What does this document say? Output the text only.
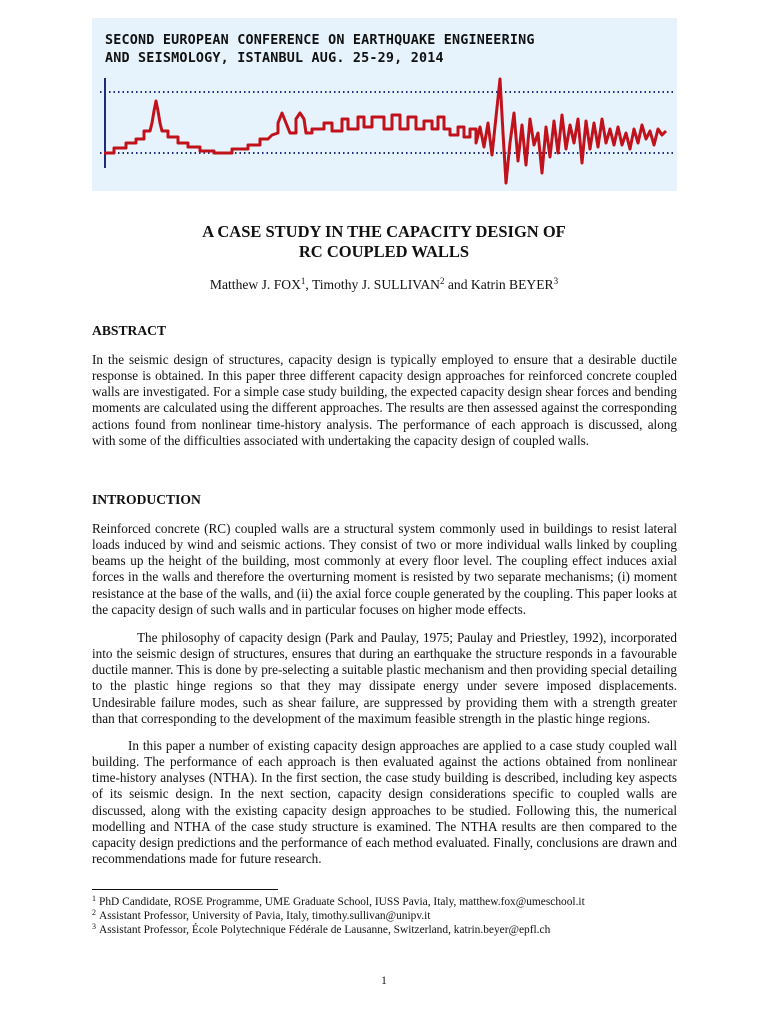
SECOND EUROPEAN CONFERENCE ON EARTHQUAKE ENGINEERING

AND SEISMOLOGY, ISTANBUL AUG. 25-29, 2014

A CASE STUDY IN THE CAPACITY DESIGN OF

RC COUPLED WALLS

Matthew J. FOX$^1$, Timothy J. SULLIVAN$^2$ and Katrin BEYER$^3$

ABSTRACT

In the seismic design of structures, capacity design is typically employed to ensure that a desirable ductile response is obtained. In this paper three different capacity design approaches for reinforced concrete coupled walls are investigated. For a simple case study building, the expected capacity design shear forces and bending moments are calculated using the different approaches. The results are then assessed against the corresponding actions found from nonlinear time-history analysis. The performance of each approach is discussed, along with some of the difficulties associated with undertaking the capacity design of coupled walls.

INTRODUCTION

Reinforced concrete (RC) coupled walls are a structural system commonly used in buildings to resist lateral loads induced by wind and seismic actions. They consist of two or more individual walls linked by coupling beams up the height of the building, most commonly at every floor level. The coupling effect induces axial forces in the walls and therefore the overturning moment is resisted by two separate mechanisms; (i) moment resistance at the base of the walls, and (ii) the axial force couple generated by the coupling. This paper looks at the capacity design of such walls and in particular focuses on higher mode effects.

The philosophy of capacity design (Park and Paulay, 1975; Paulay and Priestley, 1992), incorporated into the seismic design of structures, ensures that during an earthquake the structure responds in a favourable ductile manner. This is done by pre-selecting a suitable plastic mechanism and then providing special detailing to the plastic hinge regions so that they may dissipate energy under severe imposed displacements. Undesirable failure modes, such as shear failure, are suppressed by providing them with a strength greater than that corresponding to the development of the maximum feasible strength in the plastic hinge regions.

In this paper a number of existing capacity design approaches are applied to a case study coupled wall building. The performance of each approach is then evaluated against the actions obtained from nonlinear time-history analyses (NTHA). In the first section, the case study building is described, including key aspects of its seismic design. In the next section, capacity design considerations specific to coupled walls are discussed, along with the existing capacity design approaches to be studied. Following this, the numerical modelling and NTHA of the case study structure is examined. The NTHA results are then compared to the capacity design predictions and the performance of each method evaluated. Finally, conclusions are drawn and recommendations made for future research.

$^1$ PhD Candidate, ROSE Programme, UME Graduate School, IUSS Pavia, Italy, matthew.fox@umeschool.it

$^2$ Assistant Professor, University of Pavia, Italy, timothy.sullivan@unipv.it

$^3$ Assistant Professor, École Polytechnique Fédérale de Lausanne, Switzerland, katrin.beyer@epfl.ch

1
